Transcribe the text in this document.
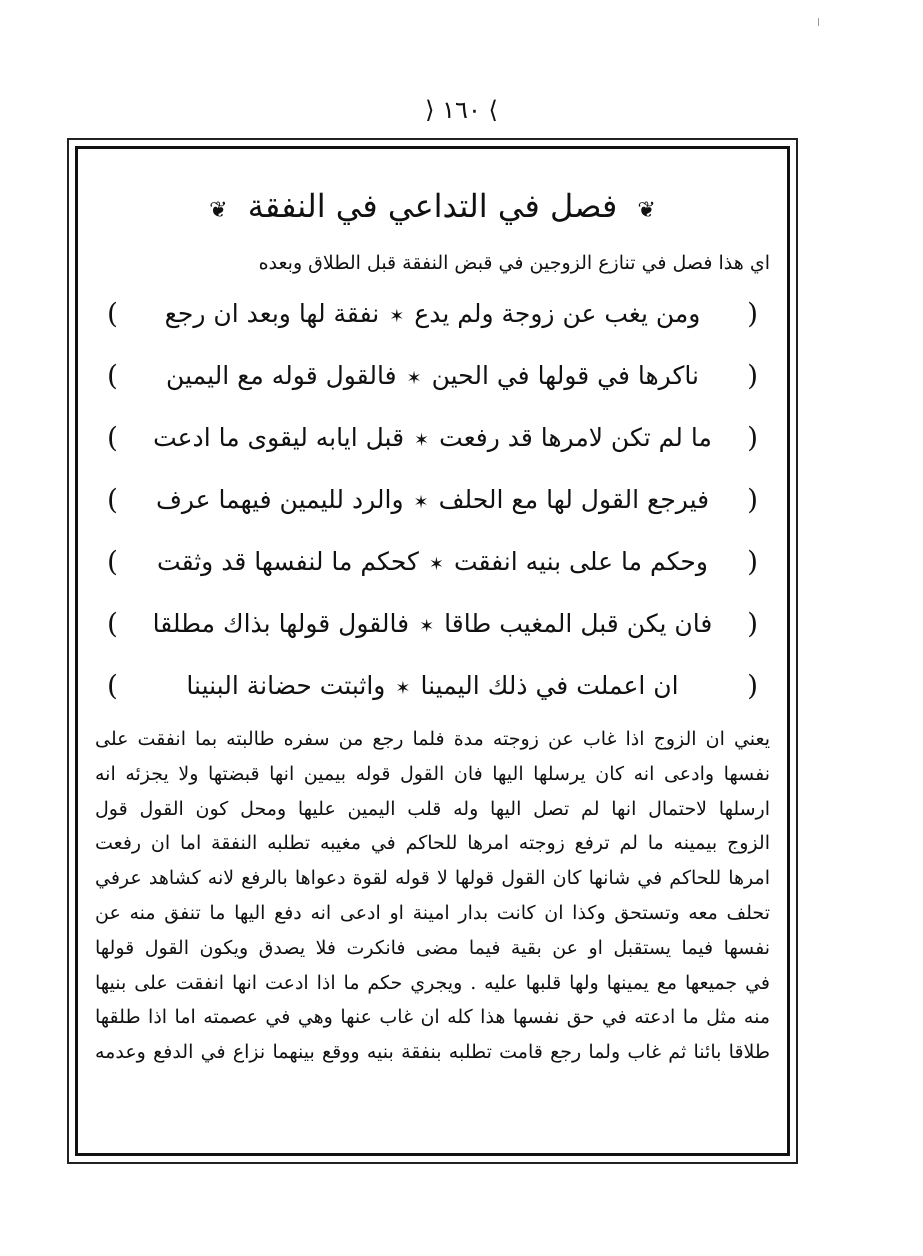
⟩ ١٦٠ ⟨
❦ فصل في التداعي في النفقة ❦
اي هذا فصل في تنازع الزوجين في قبض النفقة قبل الطلاق وبعده
(
ومن يغب عن زوجة ولم يدع✶نفقة لها وبعد ان رجع
)
(
ناكرها في قولها في الحين✶فالقول قوله مع اليمين
)
(
ما لم تكن لامرها قد رفعت✶قبل ايابه ليقوى ما ادعت
)
(
فيرجع القول لها مع الحلف✶والرد لليمين فيهما عرف
)
(
وحكم ما على بنيه انفقت✶كحكم ما لنفسها قد وثقت
)
(
فان يكن قبل المغيب طاقا✶فالقول قولها بذاك مطلقا
)
(
ان اعملت في ذلك اليمينا✶واثبتت حضانة البنينا
)

يعني ان الزوج اذا غاب عن زوجته مدة فلما رجع من سفره طالبته بما انفقت على

نفسها وادعى انه كان يرسلها اليها فان القول قوله بيمين انها قبضتها ولا يجزئه انه

ارسلها لاحتمال انها لم تصل اليها وله قلب اليمين عليها ومحل كون القول قول

الزوج بيمينه ما لم ترفع زوجته امرها للحاكم في مغيبه تطلبه النفقة اما ان رفعت

امرها للحاكم في شانها كان القول قولها لا قوله لقوة دعواها بالرفع لانه كشاهد عرفي

تحلف معه وتستحق وكذا ان كانت بدار امينة او ادعى انه دفع اليها ما تنفق منه عن

نفسها فيما يستقبل او عن بقية فيما مضى فانكرت فلا يصدق ويكون القول قولها

في جميعها مع يمينها ولها قلبها عليه . ويجري حكم ما اذا ادعت انها انفقت على بنيها

منه مثل ما ادعته في حق نفسها هذا كله ان غاب عنها وهي في عصمته اما اذا طلقها

طلاقا بائنا ثم غاب ولما رجع قامت تطلبه بنفقة بنيه ووقع بينهما نزاع في الدفع وعدمه
